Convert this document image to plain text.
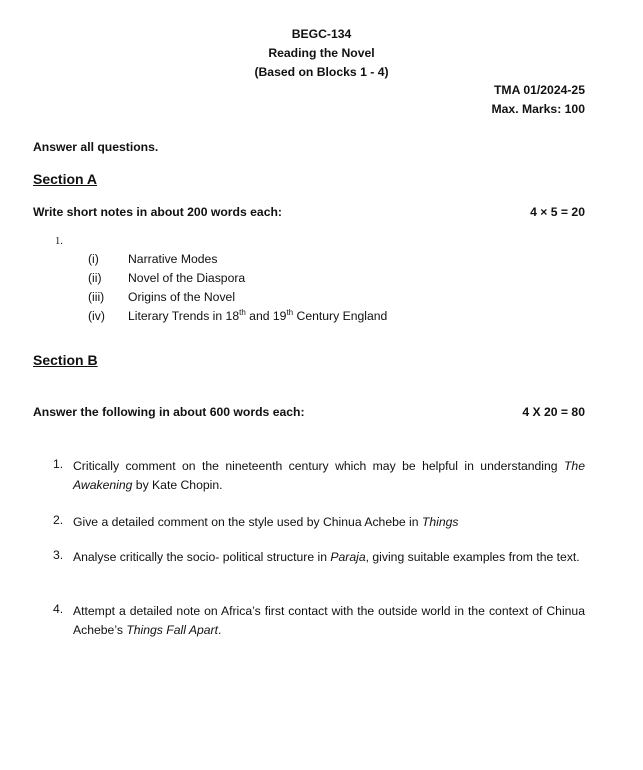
BEGC-134
Reading the Novel
(Based on Blocks 1 - 4)
TMA 01/2024-25
Max. Marks: 100
Answer all questions.
Section A
Write short notes in about 200 words each:	4 × 5 = 20
1.
(i)	Narrative Modes
(ii)	Novel of the Diaspora
(iii)	Origins of the Novel
(iv)	Literary Trends in 18th and 19th Century England
Section B
Answer the following in about 600 words each:	4 X 20 = 80
1. Critically comment on the nineteenth century which may be helpful in understanding The Awakening by Kate Chopin.
2. Give a detailed comment on the style used by Chinua Achebe in Things
3. Analyse critically the socio- political structure in Paraja, giving suitable examples from the text.
4. Attempt a detailed note on Africa’s first contact with the outside world in the context of Chinua Achebe’s Things Fall Apart.
